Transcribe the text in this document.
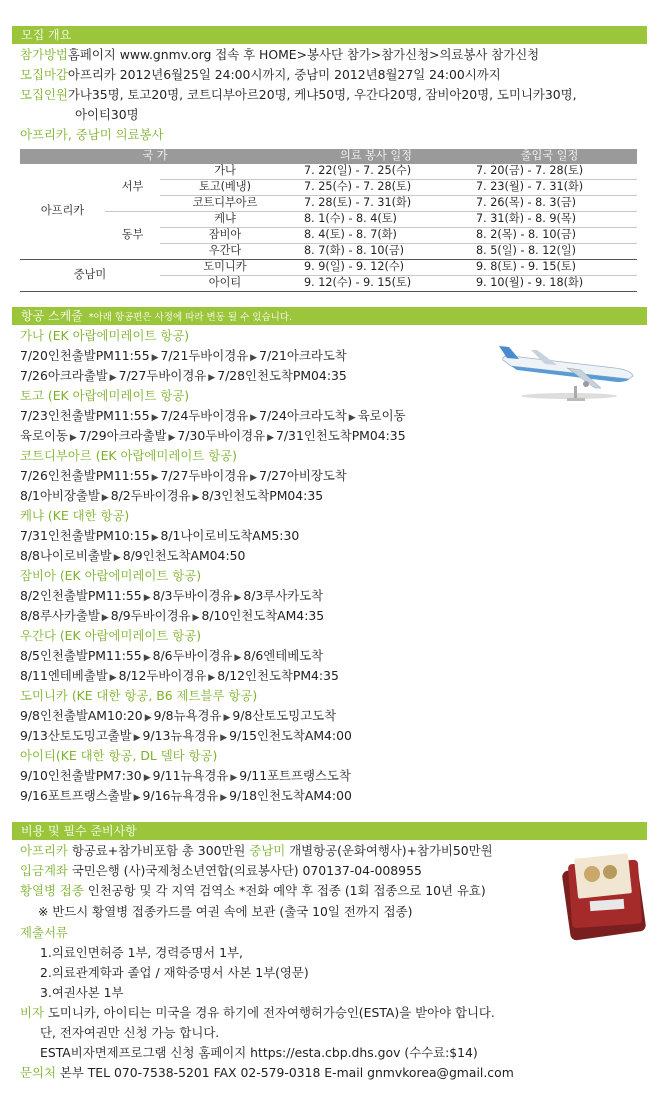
모집 개요
참가방법홈페이지 www.gnmv.org 접속 후 HOME>봉사단 참가>참가신청>의료봉사 참가신청
모집마감아프리카 2012년6월25일 24:00시까지, 중남미 2012년8월27일 24:00시까지
모집인원가나35명, 토고20명, 코트디부아르20명, 케냐50명, 우간다20명, 잠비아20명, 도미니카30명,
아이티30명
아프리카, 중남미 의료봉사
국 가			의료 봉사 일정	출입국 일정
아프리카	서부	가나	7. 22(일) - 7. 25(수)	7. 20(금) - 7. 28(토)
		토고(베냉)	7. 25(수) - 7. 28(토)	7. 23(월) - 7. 31(화)
		코트디부아르	7. 28(토) - 7. 31(화)	7. 26(목) - 8. 3(금)
	동부	케냐	8. 1(수) - 8. 4(토)	7. 31(화) - 8. 9(목)
		잠비아	8. 4(토) - 8. 7(화)	8. 2(목) - 8. 10(금)
		우간다	8. 7(화) - 8. 10(금)	8. 5(일) - 8. 12(일)
중남미		도미니카	9. 9(일) - 9. 12(수)	9. 8(토) - 9. 15(토)
		아이티	9. 12(수) - 9. 15(토)	9. 10(월) - 9. 18(화)
항공 스케줄 *아래 항공편은 사정에 따라 변동 될 수 있습니다.
가나 (EK 아랍에미레이트 항공)
7/20인천출발PM11:55 ▶ 7/21두바이경유 ▶ 7/21아크라도착
7/26아크라출발 ▶ 7/27두바이경유 ▶ 7/28인천도착PM04:35
토고 (EK 아랍에미레이트 항공)
7/23인천출발PM11:55 ▶ 7/24두바이경유 ▶ 7/24아크라도착 ▶ 육로이동
육로이동 ▶ 7/29아크라출발 ▶ 7/30두바이경유 ▶ 7/31인천도착PM04:35
코트디부아르 (EK 아랍에미레이트 항공)
7/26인천출발PM11:55 ▶ 7/27두바이경유 ▶ 7/27아비장도착
8/1아비장출발 ▶ 8/2두바이경유 ▶ 8/3인천도착PM04:35
케냐 (KE 대한 항공)
7/31인천출발PM10:15 ▶ 8/1나이로비도착AM5:30
8/8나이로비출발 ▶ 8/9인천도착AM04:50
잠비아 (EK 아랍에미레이트 항공)
8/2인천출발PM11:55 ▶ 8/3두바이경유 ▶ 8/3루사카도착
8/8루사카출발 ▶ 8/9두바이경유 ▶ 8/10인천도착AM4:35
우간다 (EK 아랍에미레이트 항공)
8/5인천출발PM11:55 ▶ 8/6두바이경유 ▶ 8/6엔테베도착
8/11엔테베출발 ▶ 8/12두바이경유 ▶ 8/12인천도착PM4:35
도미니카 (KE 대한 항공, B6 제트블루 항공)
9/8인천출발AM10:20 ▶ 9/8뉴욕경유 ▶ 9/8산토도밍고도착
9/13산토도밍고출발 ▶ 9/13뉴욕경유 ▶ 9/15인천도착AM4:00
아이티(KE 대한 항공, DL 델타 항공)
9/10인천출발PM7:30 ▶ 9/11뉴욕경유 ▶ 9/11포트프랭스도착
9/16포트프랭스출발 ▶ 9/16뉴욕경유 ▶ 9/18인천도착AM4:00
비용 및 필수 준비사항
아프리카 항공료+참가비포함 총 300만원 중남미 개별항공(운화여행사)+참가비50만원
입금계좌 국민은행 (사)국제청소년연합(의료봉사단) 070137-04-008955
황열병 접종 인천공항 및 각 지역 검역소 *전화 예약 후 접종 (1회 접종으로 10년 유효)
※ 반드시 황열병 접종카드를 여권 속에 보관 (출국 10일 전까지 접종)
제출서류
1.의료인면허증 1부, 경력증명서 1부,
2.의료관계학과 졸업 / 재학증명서 사본 1부(영문)
3.여권사본 1부
비자 도미니카, 아이티는 미국을 경유 하기에 전자여행허가승인(ESTA)을 받아야 합니다.
단, 전자여권만 신청 가능 합니다.
ESTA비자면제프로그램 신청 홈페이지 https://esta.cbp.dhs.gov (수수료:$14)
문의처 본부 TEL 070-7538-5201 FAX 02-579-0318 E-mail gnmvkorea@gmail.com
